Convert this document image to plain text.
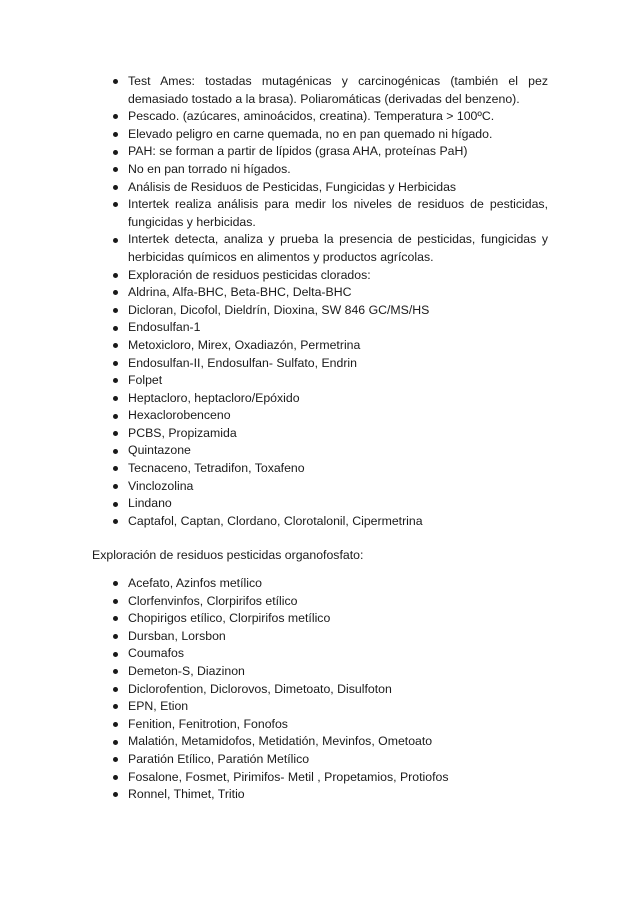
Test Ames: tostadas mutagénicas y carcinogénicas (también el pez demasiado tostado a la brasa). Poliaromáticas (derivadas del benzeno).
Pescado. (azúcares, aminoácidos, creatina). Temperatura > 100ºC.
Elevado peligro en carne quemada, no en pan quemado ni hígado.
PAH: se forman a partir de lípidos (grasa AHA, proteínas PaH)
No en pan torrado ni hígados.
Análisis de Residuos de Pesticidas, Fungicidas y Herbicidas
Intertek realiza análisis para medir los niveles de residuos de pesticidas, fungicidas y herbicidas.
Intertek detecta, analiza y prueba la presencia de pesticidas, fungicidas y herbicidas químicos en alimentos y productos agrícolas.
Exploración de residuos pesticidas clorados:
Aldrina, Alfa-BHC, Beta-BHC, Delta-BHC
Dicloran, Dicofol, Dieldrín, Dioxina, SW 846 GC/MS/HS
Endosulfan-1
Metoxicloro, Mirex, Oxadiazón, Permetrina
Endosulfan-II, Endosulfan- Sulfato, Endrin
Folpet
Heptacloro, heptacloro/Epóxido
Hexaclorobenceno
PCBS, Propizamida
Quintazone
Tecnaceno, Tetradifon, Toxafeno
Vinclozolina
Lindano
Captafol, Captan, Clordano, Clorotalonil, Cipermetrina

Exploración de residuos pesticidas organofosfato:

Acefato, Azinfos metílico
Clorfenvinfos, Clorpirifos etílico
Chopirigos etílico, Clorpirifos metílico
Dursban, Lorsbon
Coumafos
Demeton-S, Diazinon
Diclorofention, Diclorovos, Dimetoato, Disulfoton
EPN, Etion
Fenition, Fenitrotion, Fonofos
Malatión, Metamidofos, Metidatión, Mevinfos, Ometoato
Paratión Etílico, Paratión Metílico
Fosalone, Fosmet, Pirimifos- Metil , Propetamios, Protiofos
Ronnel, Thimet, Tritio
